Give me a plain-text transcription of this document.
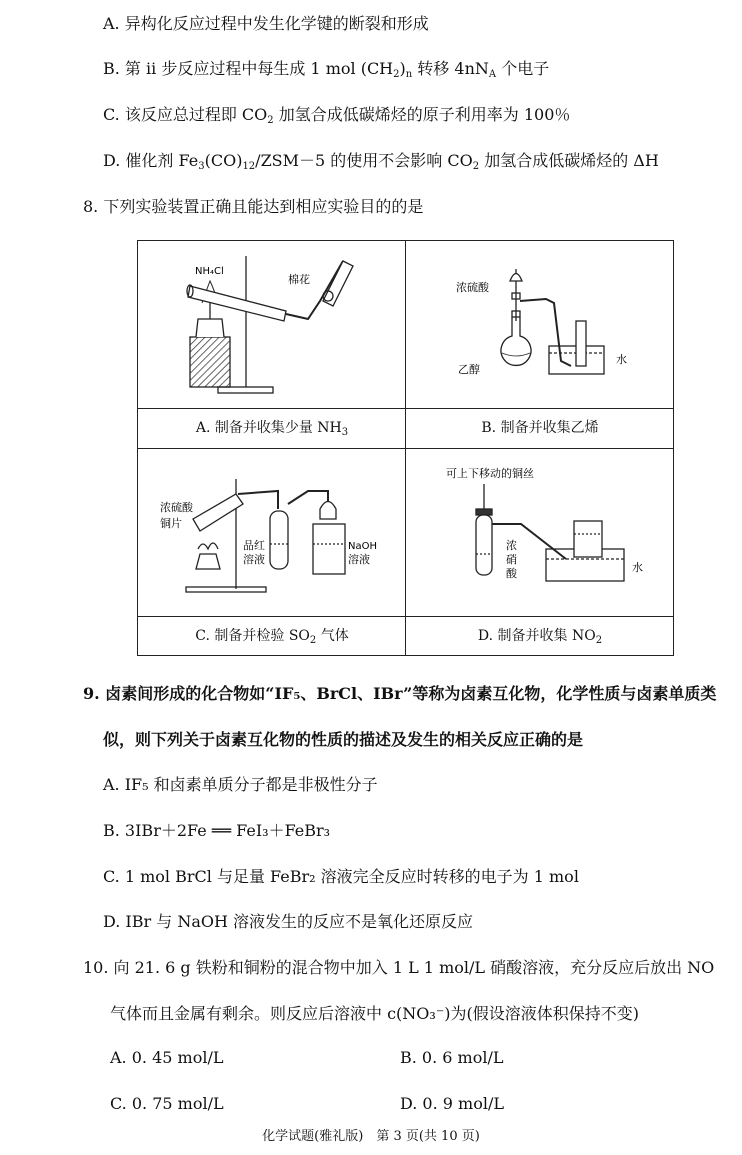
A. 异构化反应过程中发生化学键的断裂和形成
B. 第 ii 步反应过程中每生成 1 mol $(CH_2)_n$ 转移 $4nN_A$ 个电子
C. 该反应总过程即 $CO_2$ 加氢合成低碳烯烃的原子利用率为 100％
D. 催化剂 $Fe_3(CO)_{12}/ZSM-5$ 的使用不会影响 $CO_2$ 加氢合成低碳烯烃的 ΔH
8. 下列实验装置正确且能达到相应实验目的的是
NH₄Cl
棉花
浓硫酸
乙醇
水
浓硫酸
铜片
品红
溶液
NaOH
溶液
可上下移动的铜丝
浓
硝
酸	水
A. 制备并收集少量 $NH_3$	B. 制备并收集乙烯
C. 制备并检验 $SO_2$ 气体	D. 制备并收集 $NO_2$
9. 卤素间形成的化合物如“IF₅、BrCl、IBr”等称为卤素互化物，化学性质与卤素单质类
似，则下列关于卤素互化物的性质的描述及发生的相关反应正确的是
A. IF₅ 和卤素单质分子都是非极性分子
B. 3IBr＋2Fe ══ FeI₃＋FeBr₃
C. 1 mol BrCl 与足量 FeBr₂ 溶液完全反应时转移的电子为 1 mol
D. IBr 与 NaOH 溶液发生的反应不是氧化还原反应
10. 向 21. 6 g 铁粉和铜粉的混合物中加入 1 L 1 mol/L 硝酸溶液，充分反应后放出 NO
气体而且金属有剩余。则反应后溶液中 c(NO₃⁻)为(假设溶液体积保持不变)
A. 0. 45 mol/L	B. 0. 6 mol/L
C. 0. 75 mol/L	D. 0. 9 mol/L
化学试题(雅礼版)　第 3 页(共 10 页)
